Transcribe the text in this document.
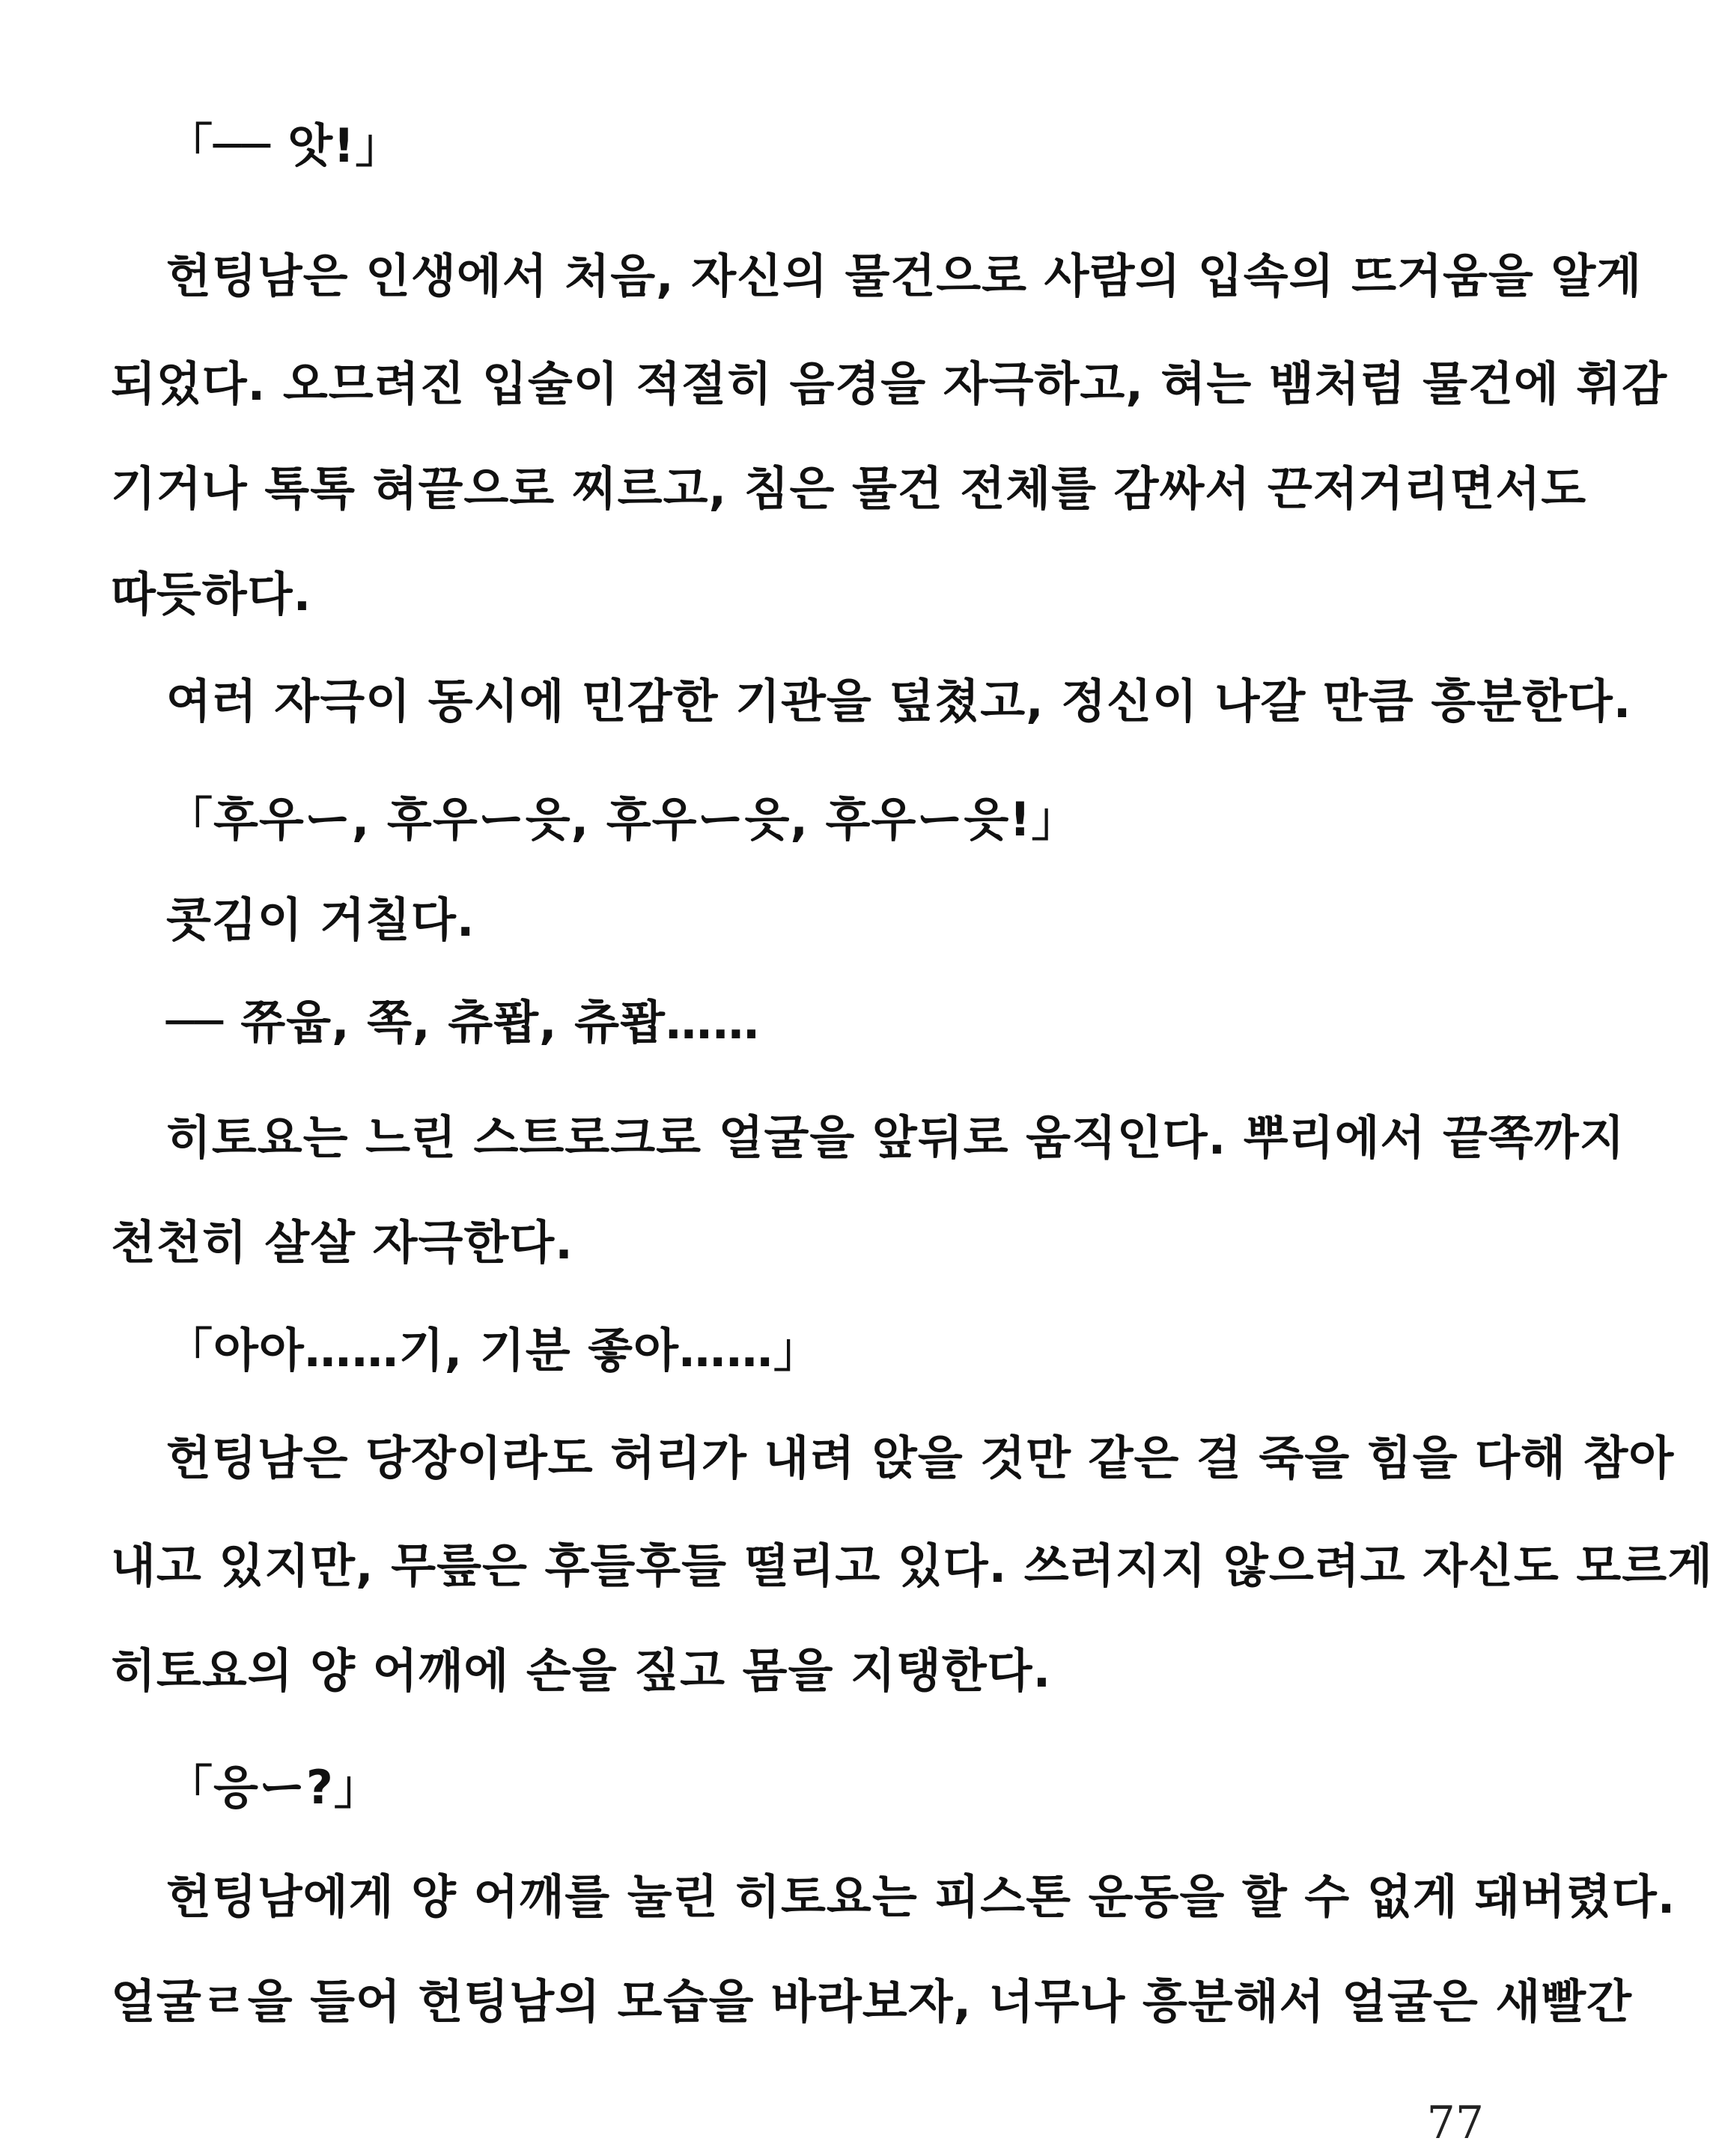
「── 앗!」
헌팅남은 인생에서 처음, 자신의 물건으로 사람의 입속의 뜨거움을 알게
되었다. 오므려진 입술이 적절히 음경을 자극하고, 혀는 뱀처럼 물건에 휘감
기거나 톡톡 혀끝으로 찌르고, 침은 물건 전체를 감싸서 끈저거리면서도
따듯하다.
여러 자극이 동시에 민감한 기관을 덮쳤고, 정신이 나갈 만큼 흥분한다.
「후우ー, 후우ー읏, 후우ー읏, 후우ー읏!」
콧김이 거칠다.
── 쮸웁, 쪽, 츄퐙, 츄퐙……
히토요는 느린 스트로크로 얼굴을 앞뒤로 움직인다. 뿌리에서 끝쪽까지
천천히 살살 자극한다.
「아아……기, 기분 좋아……」
헌팅남은 당장이라도 허리가 내려 앉을 것만 같은 걸 죽을 힘을 다해 참아
내고 있지만, 무릎은 후들후들 떨리고 있다. 쓰러지지 않으려고 자신도 모르게
히토요의 양 어깨에 손을 짚고 몸을 지탱한다.
「응ー?」
헌팅남에게 양 어깨를 눌린 히토요는 피스톤 운동을 할 수 없게 돼버렸다.
얼굴ㄹ을 들어 헌팅남의 모습을 바라보자, 너무나 흥분해서 얼굴은 새빨간
77
